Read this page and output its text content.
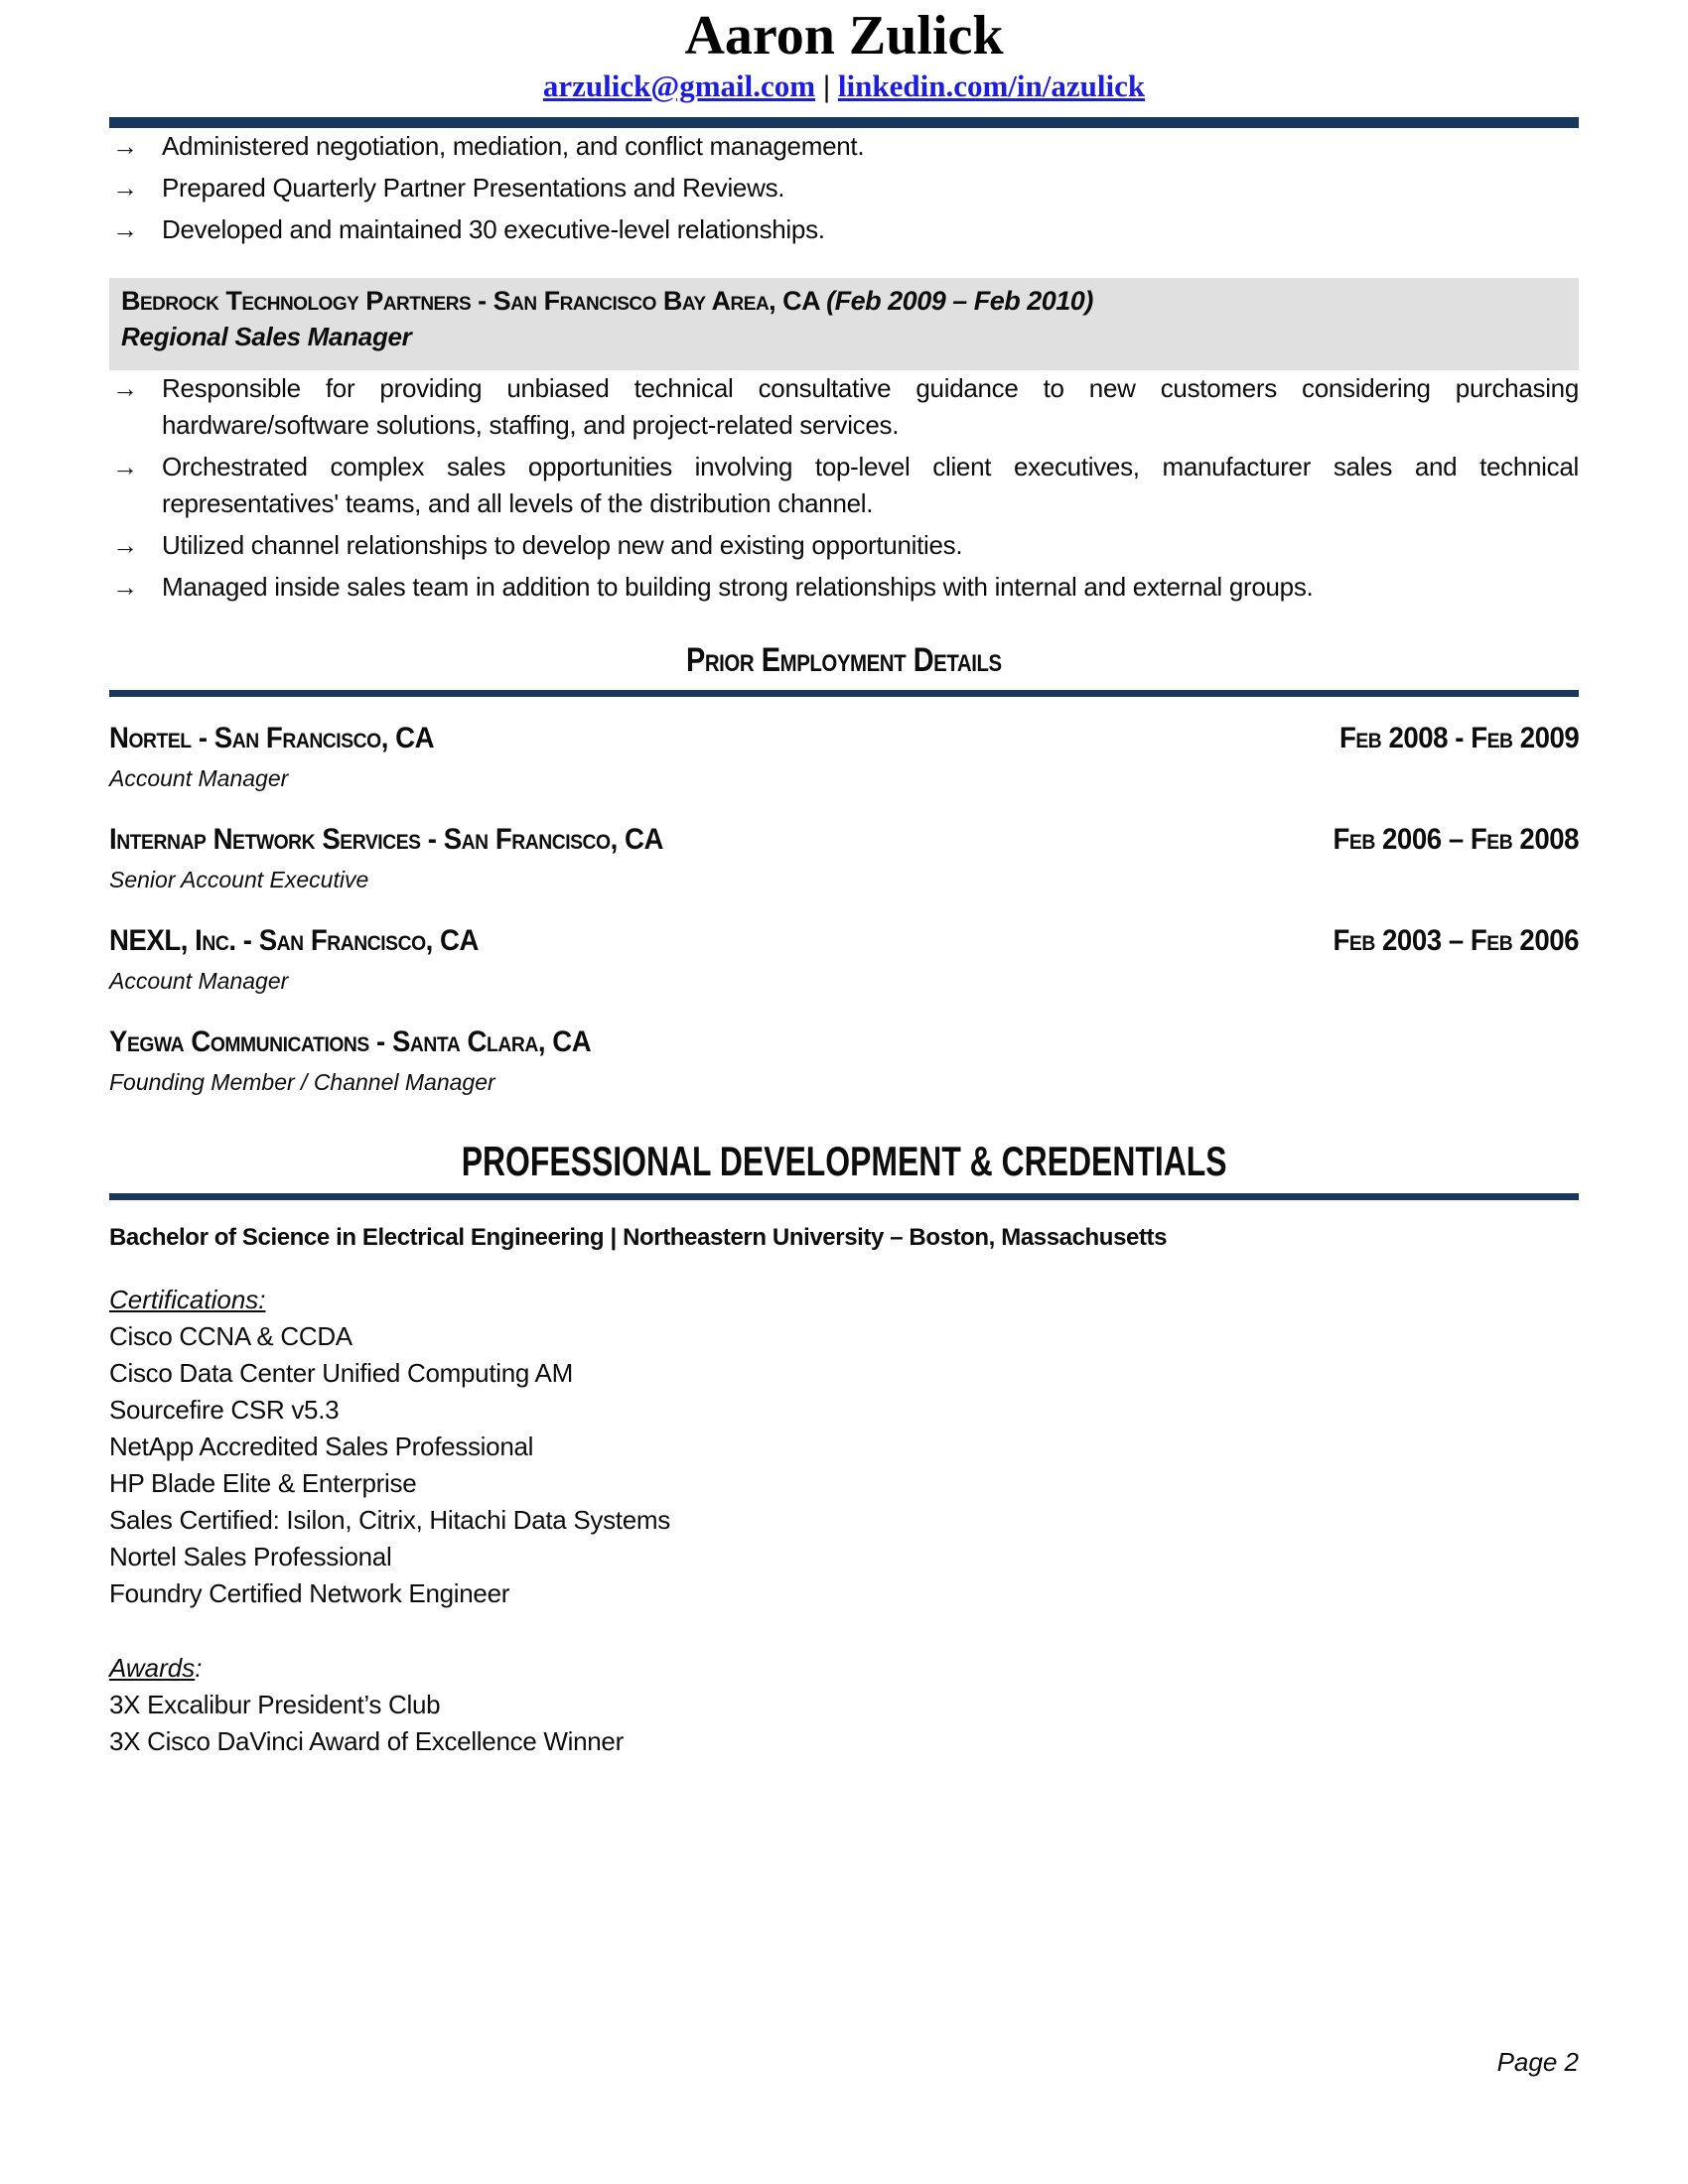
Aaron Zulick
arzulick@gmail.com | linkedin.com/in/azulick
→ Administered negotiation, mediation, and conflict management.
→ Prepared Quarterly Partner Presentations and Reviews.
→ Developed and maintained 30 executive-level relationships.
Bedrock Technology Partners - San Francisco Bay Area, CA (Feb 2009 – Feb 2010)
Regional Sales Manager
→ Responsible for providing unbiased technical consultative guidance to new customers considering purchasing hardware/software solutions, staffing, and project-related services.
→ Orchestrated complex sales opportunities involving top-level client executives, manufacturer sales and technical representatives' teams, and all levels of the distribution channel.
→ Utilized channel relationships to develop new and existing opportunities.
→ Managed inside sales team in addition to building strong relationships with internal and external groups.
Prior Employment Details
Nortel - San Francisco, CA	Feb 2008 - Feb 2009
Account Manager
Internap Network Services - San Francisco, CA	Feb 2006 – Feb 2008
Senior Account Executive
NEXL, Inc. - San Francisco, CA	Feb 2003 – Feb 2006
Account Manager
Yegwa Communications - Santa Clara, CA
Founding Member / Channel Manager
PROFESSIONAL DEVELOPMENT & CREDENTIALS
Bachelor of Science in Electrical Engineering | Northeastern University – Boston, Massachusetts
Certifications:
Cisco CCNA & CCDA
Cisco Data Center Unified Computing AM
Sourcefire CSR v5.3
NetApp Accredited Sales Professional
HP Blade Elite & Enterprise
Sales Certified: Isilon, Citrix, Hitachi Data Systems
Nortel Sales Professional
Foundry Certified Network Engineer
Awards:
3X Excalibur President’s Club
3X Cisco DaVinci Award of Excellence Winner
Page 2
